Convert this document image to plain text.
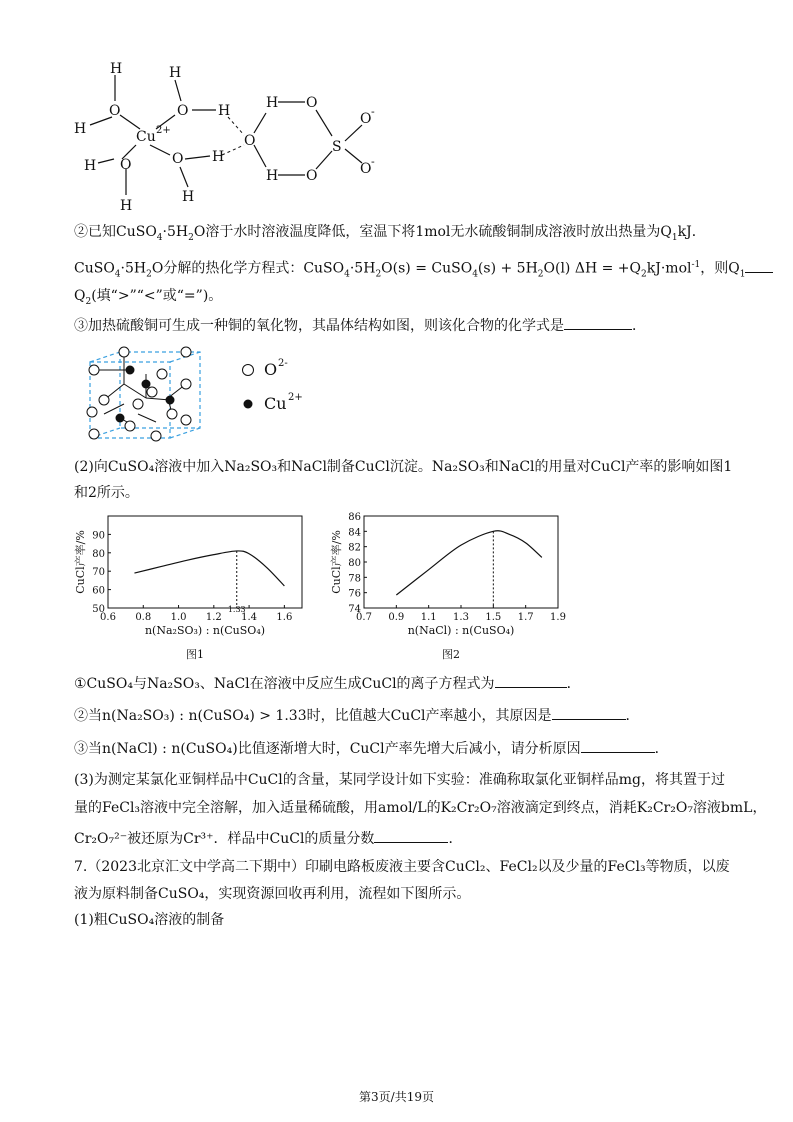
H
O
H
H
O H
Cu 2+
H O
H
O H
H
O
H O
S
H O
O -
O -
②已知$CuSO_4\cdot 5H_2O$溶于水时溶液温度降低，室温下将1mol无水硫酸铜制成溶液时放出热量为$Q_1kJ$．
$CuSO_4\cdot 5H_2O$分解的热化学方程式：$CuSO_4\cdot 5H_2O(s)$ = CuSO$_4$(s) + $5H_2O(l) \Delta H = +Q_2kJ\cdot mol^{-1}$，则$Q_1$
$Q_2$(填“>”“<”或“=”)。
③加热硫酸铜可生成一种铜的氧化物，其晶体结构如图，则该化合物的化学式是	．
O 2-
Cu 2+
(2)向CuSO₄溶液中加入Na₂SO₃和NaCl制备CuCl沉淀。Na₂SO₃和NaCl的用量对CuCl产率的影响如图1
和2所示。
0.6 0.8 1.0 1.2 1.4 1.6
50
60
70
80
90
1.33
n(Na₂SO₃) : n(CuSO₄)
CuCl产率/%
图1
0.7 0.9 1.1 1.3 1.5 1.7 1.9
74
76
78
80
82
84
86
n(NaCl) : n(CuSO₄)
CuCl产率/%
图2
①CuSO₄与Na₂SO₃、NaCl在溶液中反应生成CuCl的离子方程式为	．
②当n(Na₂SO₃) : n(CuSO₄) > 1.33时，比值越大CuCl产率越小，其原因是	．
③当n(NaCl) : n(CuSO₄)比值逐渐增大时，CuCl产率先增大后减小，请分析原因	．
(3)为测定某氯化亚铜样品中CuCl的含量，某同学设计如下实验：准确称取氯化亚铜样品mg，将其置于过
量的FeCl₃溶液中完全溶解，加入适量稀硫酸，用amol/L的K₂Cr₂O₇溶液滴定到终点，消耗K₂Cr₂O₇溶液bmL，
Cr₂O₇²⁻被还原为Cr³⁺．样品中CuCl的质量分数	．
7.（2023北京汇文中学高二下期中）印刷电路板废液主要含CuCl₂、FeCl₂以及少量的FeCl₃等物质，以废
液为原料制备CuSO₄，实现资源回收再利用，流程如下图所示。
(1)粗CuSO₄溶液的制备
第3页/共19页
